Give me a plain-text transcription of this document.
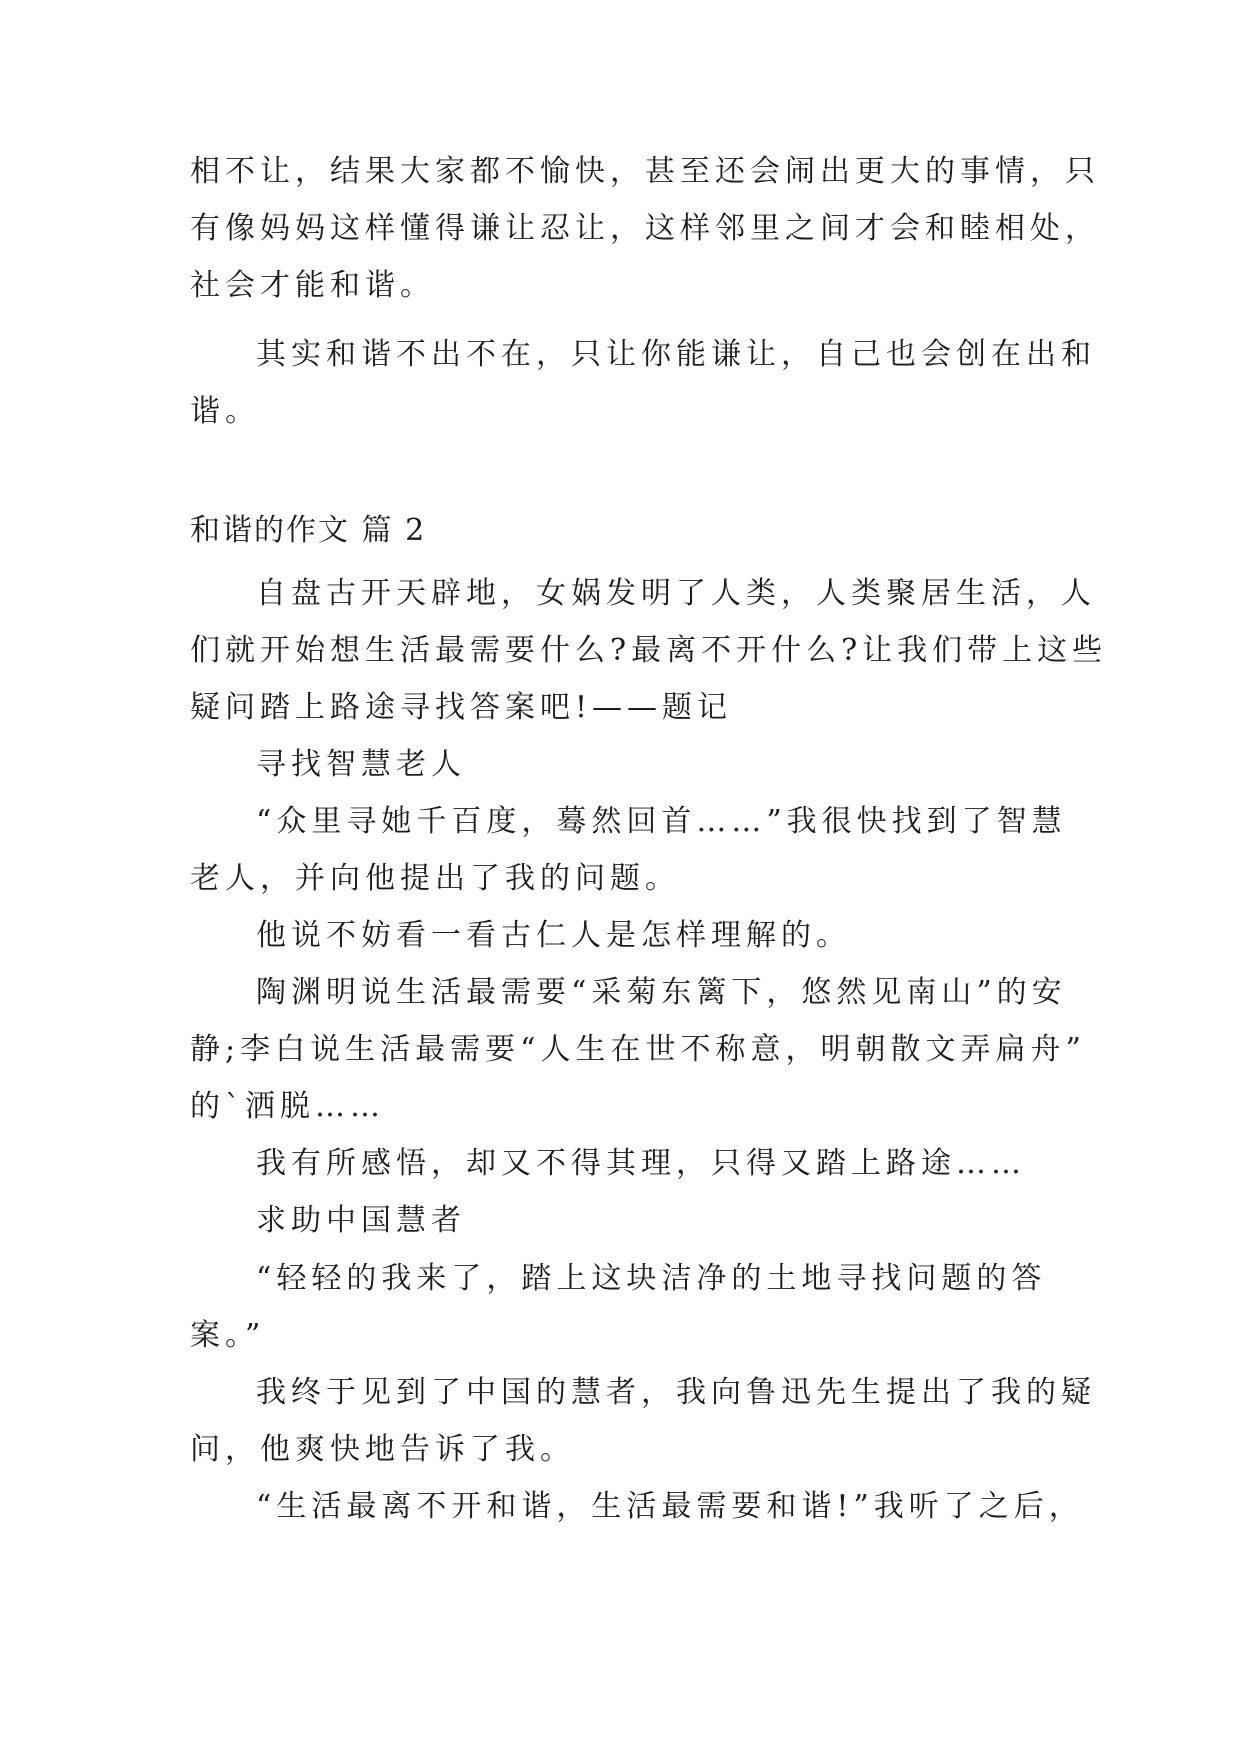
相不让，结果大家都不愉快，甚至还会闹出更大的事情，只
有像妈妈这样懂得谦让忍让，这样邻里之间才会和睦相处，
社会才能和谐。
其实和谐不出不在，只让你能谦让，自己也会创在出和
谐。
和谐的作文 篇 2
自盘古开天辟地，女娲发明了人类，人类聚居生活，人
们就开始想生活最需要什么?最离不开什么?让我们带上这些
疑问踏上路途寻找答案吧!——题记
寻找智慧老人
“众里寻她千百度，蓦然回首……”我很快找到了智慧
老人，并向他提出了我的问题。
他说不妨看一看古仁人是怎样理解的。
陶渊明说生活最需要“采菊东篱下，悠然见南山”的安
静;李白说生活最需要“人生在世不称意，明朝散文弄扁舟”
的`洒脱……
我有所感悟，却又不得其理，只得又踏上路途……
求助中国慧者
“轻轻的我来了，踏上这块洁净的土地寻找问题的答
案。”
我终于见到了中国的慧者，我向鲁迅先生提出了我的疑
问，他爽快地告诉了我。
“生活最离不开和谐，生活最需要和谐!”我听了之后，
